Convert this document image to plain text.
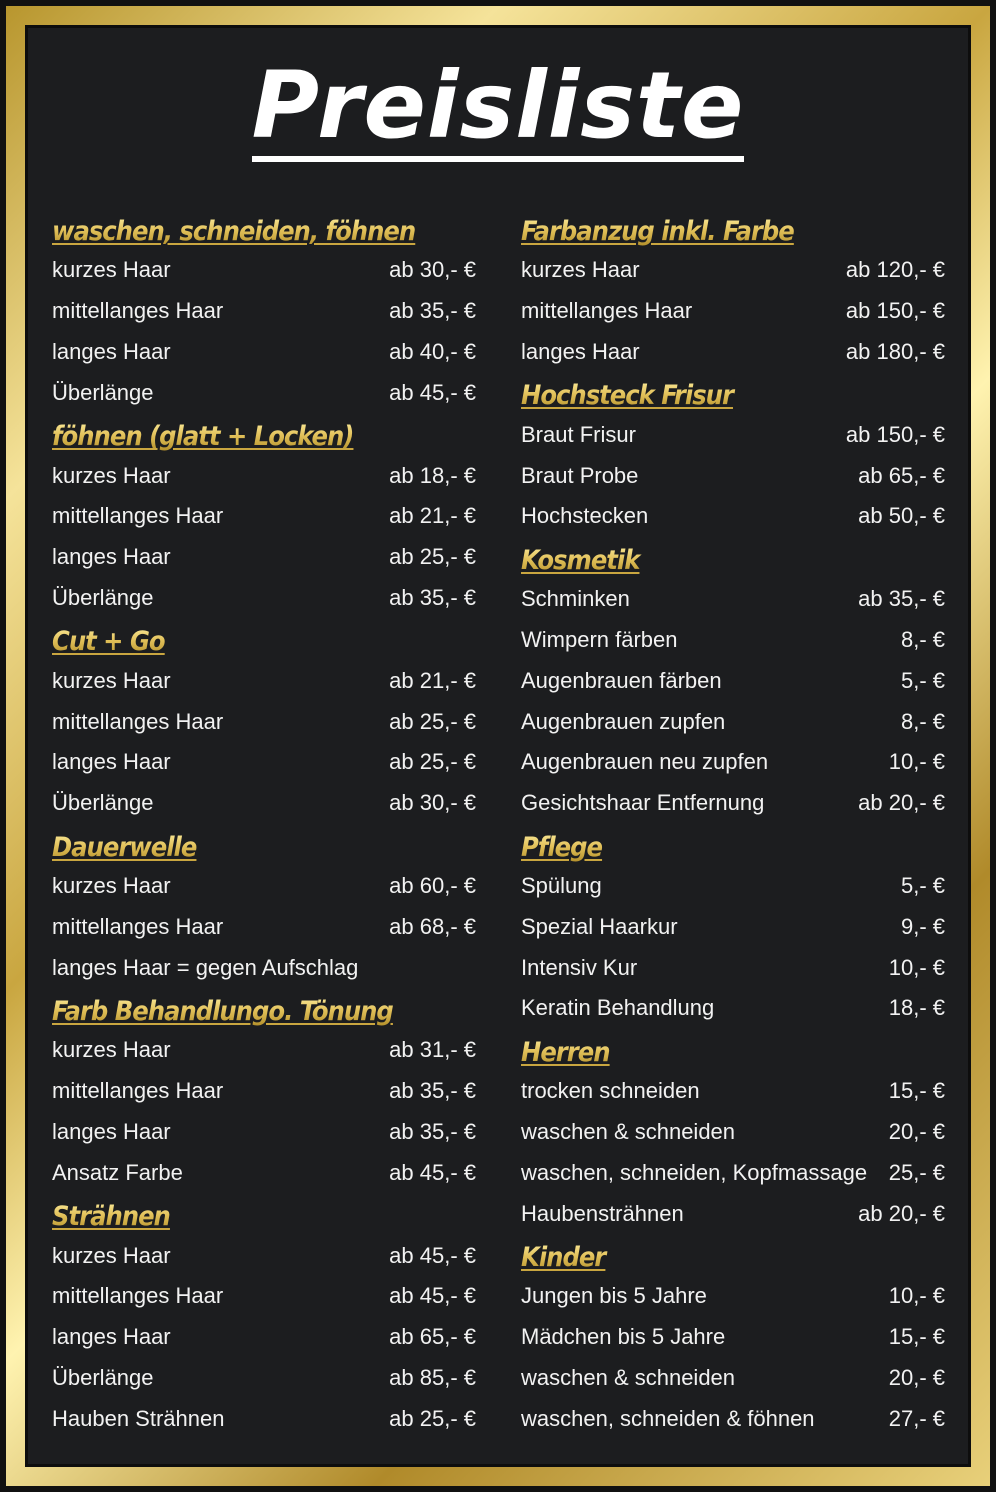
Preisliste
waschen, schneiden, föhnen
kurzes Haar	ab 30,- €
mittellanges Haar	ab 35,- €
langes Haar	ab 40,- €
Überlänge	ab 45,- €
föhnen (glatt + Locken)
kurzes Haar	ab 18,- €
mittellanges Haar	ab 21,- €
langes Haar	ab 25,- €
Überlänge	ab 35,- €
Cut + Go
kurzes Haar	ab 21,- €
mittellanges Haar	ab 25,- €
langes Haar	ab 25,- €
Überlänge	ab 30,- €
Dauerwelle
kurzes Haar	ab 60,- €
mittellanges Haar	ab 68,- €
langes Haar = gegen Aufschlag
Farb Behandlungo. Tönung
kurzes Haar	ab 31,- €
mittellanges Haar	ab 35,- €
langes Haar	ab 35,- €
Ansatz Farbe	ab 45,- €
Strähnen
kurzes Haar	ab 45,- €
mittellanges Haar	ab 45,- €
langes Haar	ab 65,- €
Überlänge	ab 85,- €
Hauben Strähnen	ab 25,- €
Farbanzug inkl. Farbe
kurzes Haar	ab 120,- €
mittellanges Haar	ab 150,- €
langes Haar	ab 180,- €
Hochsteck Frisur
Braut Frisur	ab 150,- €
Braut Probe	ab 65,- €
Hochstecken	ab 50,- €
Kosmetik
Schminken	ab 35,- €
Wimpern färben	8,- €
Augenbrauen färben	5,- €
Augenbrauen zupfen	8,- €
Augenbrauen neu zupfen	10,- €
Gesichtshaar Entfernung	ab 20,- €
Pflege
Spülung	5,- €
Spezial Haarkur	9,- €
Intensiv Kur	10,- €
Keratin Behandlung	18,- €
Herren
trocken schneiden	15,- €
waschen & schneiden	20,- €
waschen, schneiden, Kopfmassage 25,- €
Haubensträhnen	ab 20,- €
Kinder
Jungen bis 5 Jahre	10,- €
Mädchen bis 5 Jahre	15,- €
waschen & schneiden	20,- €
waschen, schneiden & föhnen	27,- €
